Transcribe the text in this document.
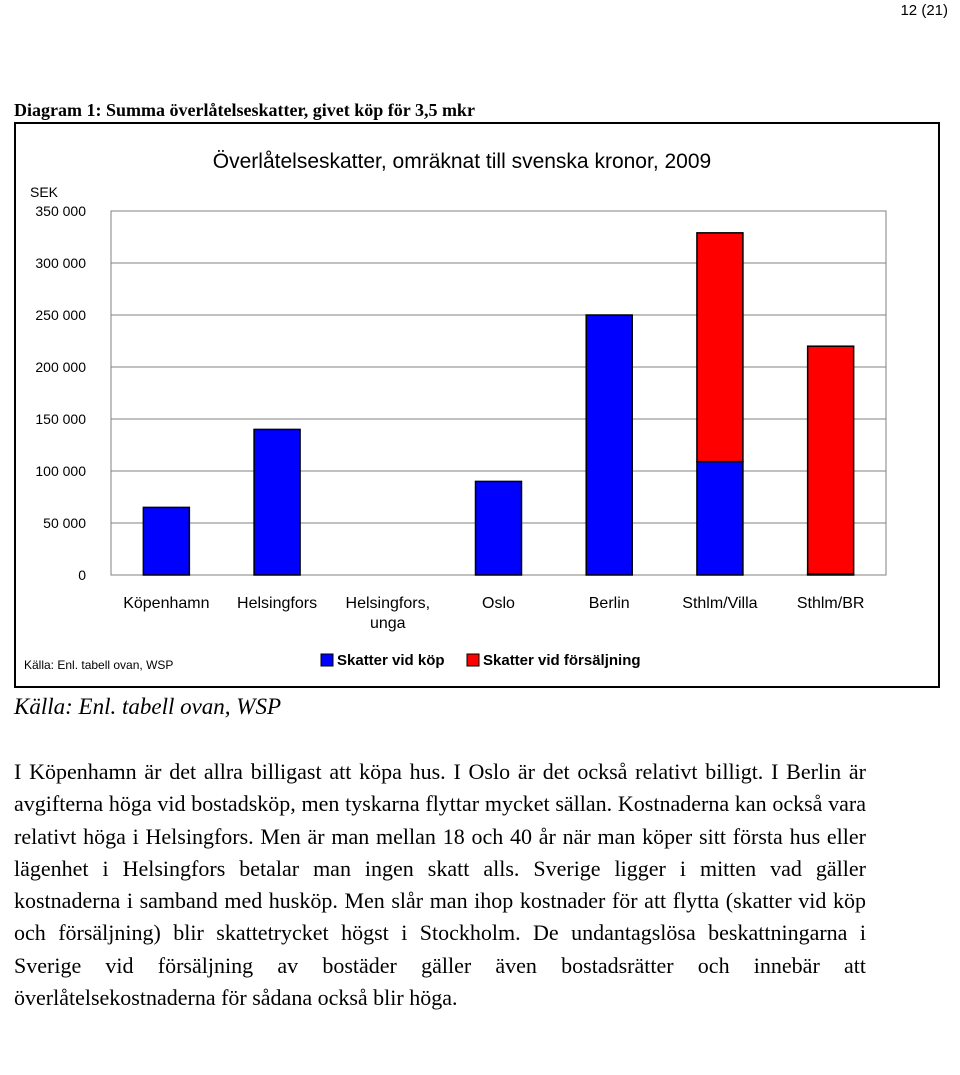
12 (21)
Diagram 1: Summa överlåtelseskatter, givet köp för 3,5 mkr
Överlåtelseskatter, omräknat till svenska kronor, 2009
SEK
0
50 000
100 000
150 000
200 000
250 000
300 000
350 000
Köpenhamn Helsingfors Helsingfors, unga
Oslo	Berlin	Sthlm/Villa Sthlm/BR
Källa: Enl. tabell ovan, WSP	Skatter vid köp	Skatter vid försäljning
Källa: Enl. tabell ovan, WSP

I Köpenhamn är det allra billigast att köpa hus. I Oslo är det också relativt billigt. I Berlin är avgifterna höga vid bostadsköp, men tyskarna flyttar mycket sällan. Kostnaderna kan också vara relativt höga i Helsingfors. Men är man mellan 18 och 40 år när man köper sitt första hus eller lägenhet i Helsingfors betalar man ingen skatt alls. Sverige ligger i mitten vad gäller kostnaderna i samband med husköp. Men slår man ihop kostnader för att flytta (skatter vid köp och försäljning) blir skattetrycket högst i Stockholm. De undantagslösa beskattningarna i Sverige vid försäljning av bostäder gäller även bostadsrätter och innebär att överlåtelsekostnaderna för sådana också blir höga.
